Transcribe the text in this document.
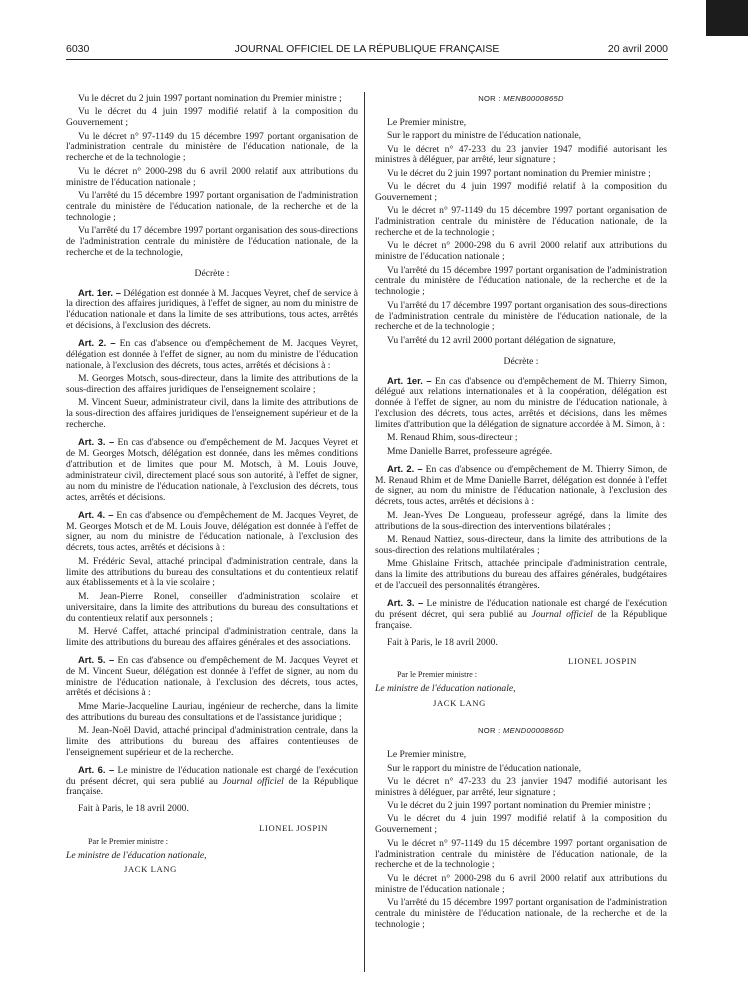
6030	JOURNAL OFFICIEL DE LA RÉPUBLIQUE FRANÇAISE	20 avril 2000

Vu le décret du 2 juin 1997 portant nomination du Premier ministre ;

Vu le décret du 4 juin 1997 modifié relatif à la composition du Gouvernement ;

Vu le décret n° 97-1149 du 15 décembre 1997 portant organisation de l'administration centrale du ministère de l'éducation nationale, de la recherche et de la technologie ;

Vu le décret n° 2000-298 du 6 avril 2000 relatif aux attributions du ministre de l'éducation nationale ;

Vu l'arrêté du 15 décembre 1997 portant organisation de l'administration centrale du ministère de l'éducation nationale, de la recherche et de la technologie ;

Vu l'arrêté du 17 décembre 1997 portant organisation des sous-directions de l'administration centrale du ministère de l'éducation nationale, de la recherche et de la technologie,

Décrète :

Art. 1er. – Délégation est donnée à M. Jacques Veyret, chef de service à la direction des affaires juridiques, à l'effet de signer, au nom du ministre de l'éducation nationale et dans la limite de ses attributions, tous actes, arrêtés et décisions, à l'exclusion des décrets.

Art. 2. – En cas d'absence ou d'empêchement de M. Jacques Veyret, délégation est donnée à l'effet de signer, au nom du ministre de l'éducation nationale, à l'exclusion des décrets, tous actes, arrêtés et décisions à :

M. Georges Motsch, sous-directeur, dans la limite des attributions de la sous-direction des affaires juridiques de l'enseignement scolaire ;

M. Vincent Sueur, administrateur civil, dans la limite des attributions de la sous-direction des affaires juridiques de l'enseignement supérieur et de la recherche.

Art. 3. – En cas d'absence ou d'empêchement de M. Jacques Veyret et de M. Georges Motsch, délégation est donnée, dans les mêmes conditions d'attribution et de limites que pour M. Motsch, à M. Louis Jouve, administrateur civil, directement placé sous son autorité, à l'effet de signer, au nom du ministre de l'éducation nationale, à l'exclusion des décrets, tous actes, arrêtés et décisions.

Art. 4. – En cas d'absence ou d'empêchement de M. Jacques Veyret, de M. Georges Motsch et de M. Louis Jouve, délégation est donnée à l'effet de signer, au nom du ministre de l'éducation nationale, à l'exclusion des décrets, tous actes, arrêtés et décisions à :

M. Frédéric Seval, attaché principal d'administration centrale, dans la limite des attributions du bureau des consultations et du contentieux relatif aux établissements et à la vie scolaire ;

M. Jean-Pierre Ronel, conseiller d'administration scolaire et universitaire, dans la limite des attributions du bureau des consultations et du contentieux relatif aux personnels ;

M. Hervé Caffet, attaché principal d'administration centrale, dans la limite des attributions du bureau des affaires générales et des associations.

Art. 5. – En cas d'absence ou d'empêchement de M. Jacques Veyret et de M. Vincent Sueur, délégation est donnée à l'effet de signer, au nom du ministre de l'éducation nationale, à l'exclusion des décrets, tous actes, arrêtés et décisions à :

Mme Marie-Jacqueline Lauriau, ingénieur de recherche, dans la limite des attributions du bureau des consultations et de l'assistance juridique ;

M. Jean-Noël David, attaché principal d'administration centrale, dans la limite des attributions du bureau des affaires contentieuses de l'enseignement supérieur et de la recherche.

Art. 6. – Le ministre de l'éducation nationale est chargé de l'exécution du présent décret, qui sera publié au Journal officiel de la République française.

Fait à Paris, le 18 avril 2000.

LIONEL JOSPIN

Par le Premier ministre :

Le ministre de l'éducation nationale,

JACK LANG

NOR : MENB0000865D

Le Premier ministre,

Sur le rapport du ministre de l'éducation nationale,

Vu le décret n° 47-233 du 23 janvier 1947 modifié autorisant les ministres à déléguer, par arrêté, leur signature ;

Vu le décret du 2 juin 1997 portant nomination du Premier ministre ;

Vu le décret du 4 juin 1997 modifié relatif à la composition du Gouvernement ;

Vu le décret n° 97-1149 du 15 décembre 1997 portant organisation de l'administration centrale du ministère de l'éducation nationale, de la recherche et de la technologie ;

Vu le décret n° 2000-298 du 6 avril 2000 relatif aux attributions du ministre de l'éducation nationale ;

Vu l'arrêté du 15 décembre 1997 portant organisation de l'administration centrale du ministère de l'éducation nationale, de la recherche et de la technologie ;

Vu l'arrêté du 17 décembre 1997 portant organisation des sous-directions de l'administration centrale du ministère de l'éducation nationale, de la recherche et de la technologie ;

Vu l'arrêté du 12 avril 2000 portant délégation de signature,

Décrète :

Art. 1er. – En cas d'absence ou d'empêchement de M. Thierry Simon, délégué aux relations internationales et à la coopération, délégation est donnée à l'effet de signer, au nom du ministre de l'éducation nationale, à l'exclusion des décrets, tous actes, arrêtés et décisions, dans les mêmes limites d'attribution que la délégation de signature accordée à M. Simon, à :

M. Renaud Rhim, sous-directeur ;

Mme Danielle Barret, professeure agrégée.

Art. 2. – En cas d'absence ou d'empêchement de M. Thierry Simon, de M. Renaud Rhim et de Mme Danielle Barret, délégation est donnée à l'effet de signer, au nom du ministre de l'éducation nationale, à l'exclusion des décrets, tous actes, arrêtés et décisions à :

M. Jean-Yves De Longueau, professeur agrégé, dans la limite des attributions de la sous-direction des interventions bilatérales ;

M. Renaud Nattiez, sous-directeur, dans la limite des attributions de la sous-direction des relations multilatérales ;

Mme Ghislaine Fritsch, attachée principale d'administration centrale, dans la limite des attributions du bureau des affaires générales, budgétaires et de l'accueil des personnalités étrangères.

Art. 3. – Le ministre de l'éducation nationale est chargé de l'exécution du présent décret, qui sera publié au Journal officiel de la République française.

Fait à Paris, le 18 avril 2000.

LIONEL JOSPIN

Par le Premier ministre :

Le ministre de l'éducation nationale,

JACK LANG

NOR : MEND0000866D

Le Premier ministre,

Sur le rapport du ministre de l'éducation nationale,

Vu le décret n° 47-233 du 23 janvier 1947 modifié autorisant les ministres à déléguer, par arrêté, leur signature ;

Vu le décret du 2 juin 1997 portant nomination du Premier ministre ;

Vu le décret du 4 juin 1997 modifié relatif à la composition du Gouvernement ;

Vu le décret n° 97-1149 du 15 décembre 1997 portant organisation de l'administration centrale du ministère de l'éducation nationale, de la recherche et de la technologie ;

Vu le décret n° 2000-298 du 6 avril 2000 relatif aux attributions du ministre de l'éducation nationale ;

Vu l'arrêté du 15 décembre 1997 portant organisation de l'administration centrale du ministère de l'éducation nationale, de la recherche et de la technologie ;
